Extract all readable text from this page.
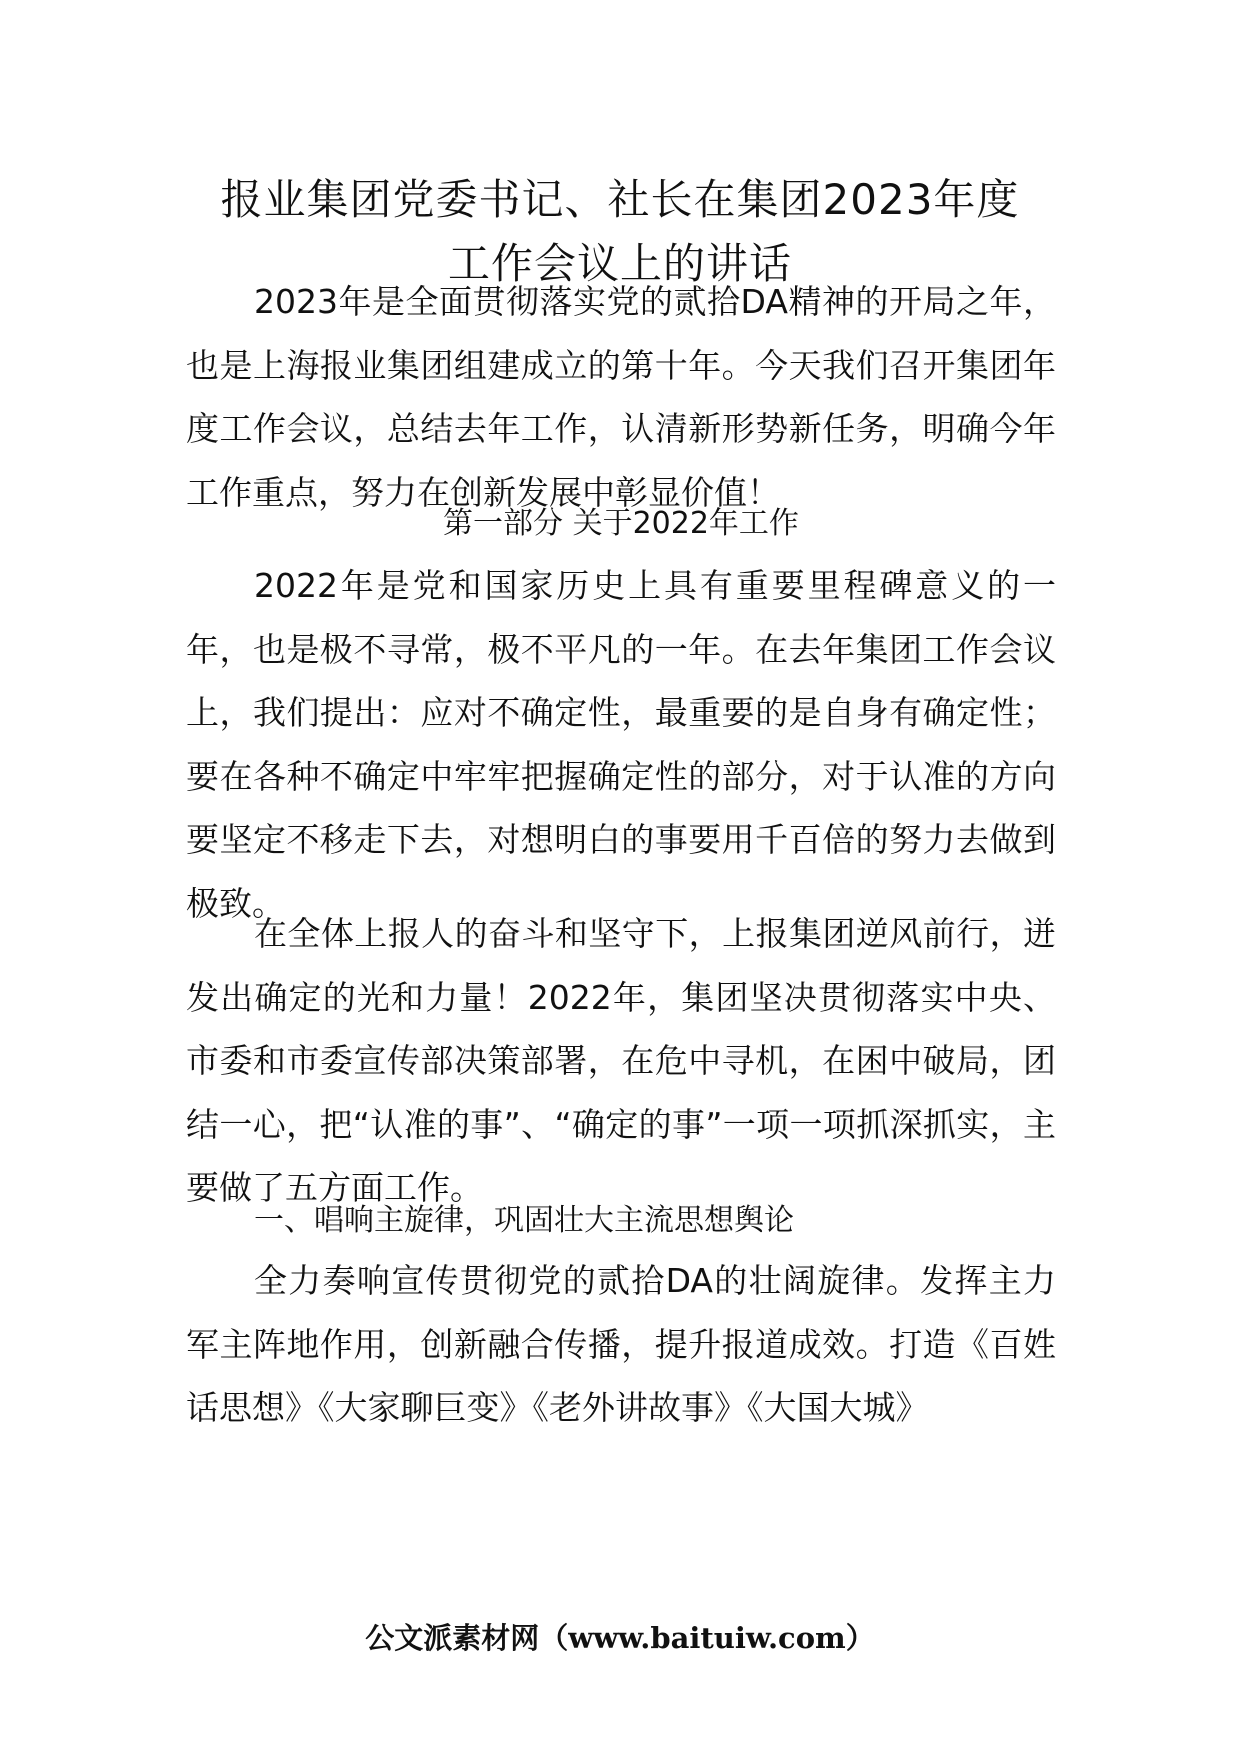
报业集团党委书记、社长在集团2023年度
工作会议上的讲话

2023年是全面贯彻落实党的贰拾DA精神的开局之年，也是上海报业集团组建成立的第十年。今天我们召开集团年度工作会议，总结去年工作，认清新形势新任务，明确今年工作重点，努力在创新发展中彰显价值！

第一部分 关于2022年工作

2022年是党和国家历史上具有重要里程碑意义的一年，也是极不寻常，极不平凡的一年。在去年集团工作会议上，我们提出：应对不确定性，最重要的是自身有确定性；要在各种不确定中牢牢把握确定性的部分，对于认准的方向要坚定不移走下去，对想明白的事要用千百倍的努力去做到极致。

在全体上报人的奋斗和坚守下，上报集团逆风前行，迸发出确定的光和力量！2022年，集团坚决贯彻落实中央、市委和市委宣传部决策部署，在危中寻机，在困中破局，团结一心，把“认准的事”、“确定的事”一项一项抓深抓实，主要做了五方面工作。

一、唱响主旋律，巩固壮大主流思想舆论

全力奏响宣传贯彻党的贰拾DA的壮阔旋律。发挥主力军主阵地作用，创新融合传播，提升报道成效。打造《百姓话思想》《大家聊巨变》《老外讲故事》《大国大城》

公文派素材网（www.baituiw.com）
